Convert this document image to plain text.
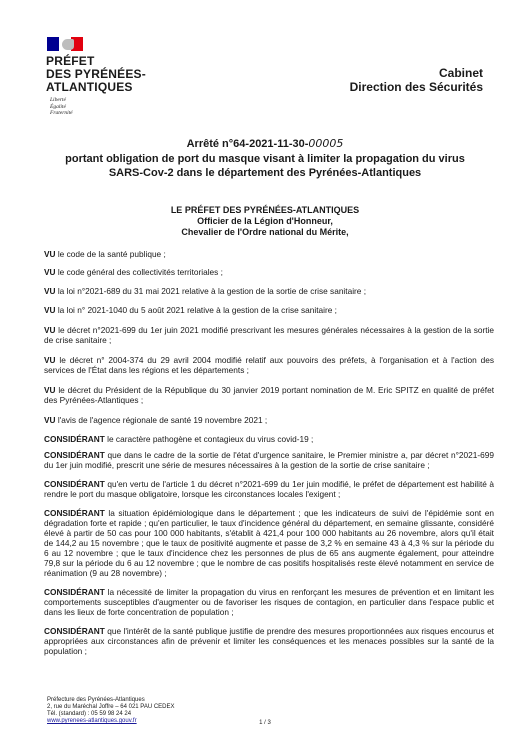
PRÉFET
DES PYRÉNÉES-
ATLANTIQUES
Liberté
Égalité
Fraternité
Cabinet
Direction des Sécurités
Arrêté n°64-2021-11-30-00005
portant obligation de port du masque visant à limiter la propagation du virus
SARS-Cov-2 dans le département des Pyrénées-Atlantiques
LE PRÉFET DES PYRÉNÉES-ATLANTIQUES
Officier de la Légion d'Honneur,
Chevalier de l'Ordre national du Mérite,

VU le code de la santé publique ;

VU le code général des collectivités territoriales ;

VU la loi n°2021-689 du 31 mai 2021 relative à la gestion de la sortie de crise sanitaire ;

VU la loi n° 2021-1040 du 5 août 2021 relative à la gestion de la crise sanitaire ;

VU le décret n°2021-699 du 1er juin 2021 modifié prescrivant les mesures générales nécessaires à la gestion de la sortie de crise sanitaire ;

VU le décret n° 2004-374 du 29 avril 2004 modifié relatif aux pouvoirs des préfets, à l'organisation et à l'action des services de l'État dans les régions et les départements ;

VU le décret du Président de la République du 30 janvier 2019 portant nomination de M. Eric SPITZ en qualité de préfet des Pyrénées-Atlantiques ;

VU l'avis de l'agence régionale de santé 19 novembre 2021 ;

CONSIDÉRANT le caractère pathogène et contagieux du virus covid-19 ;

CONSIDÉRANT que dans le cadre de la sortie de l'état d'urgence sanitaire, le Premier ministre a, par décret n°2021-699 du 1er juin modifié, prescrit une série de mesures nécessaires à la gestion de la sortie de crise sanitaire ;

CONSIDÉRANT qu'en vertu de l'article 1 du décret n°2021-699 du 1er juin modifié, le préfet de département est habilité à rendre le port du masque obligatoire, lorsque les circonstances locales l'exigent ;

CONSIDÉRANT la situation épidémiologique dans le département ; que les indicateurs de suivi de l'épidémie sont en dégradation forte et rapide ; qu'en particulier, le taux d'incidence général du département, en semaine glissante, considéré élevé à partir de 50 cas pour 100 000 habitants, s'établit à 421,4 pour 100 000 habitants au 26 novembre, alors qu'il était de 144,2 au 15 novembre ; que le taux de positivité augmente et passe de 3,2 % en semaine 43 à 4,3 % sur la période du 6 au 12 novembre ; que le taux d'incidence chez les personnes de plus de 65 ans augmente également, pour atteindre 79,8 sur la période du 6 au 12 novembre ; que le nombre de cas positifs hospitalisés reste élevé notamment en service de réanimation (9 au 28 novembre) ;

CONSIDÉRANT la nécessité de limiter la propagation du virus en renforçant les mesures de prévention et en limitant les comportements susceptibles d'augmenter ou de favoriser les risques de contagion, en particulier dans l'espace public et dans les lieux de forte concentration de population ;

CONSIDÉRANT que l'intérêt de la santé publique justifie de prendre des mesures proportionnées aux risques encourus et appropriées aux circonstances afin de prévenir et limiter les conséquences et les menaces possibles sur la santé de la population ;

Préfecture des Pyrénées-Atlantiques
2, rue du Maréchal Joffre – 64 021 PAU CEDEX
Tél. (standard) : 05 59 98 24 24
www.pyrenees-atlantiques.gouv.fr	1 / 3
